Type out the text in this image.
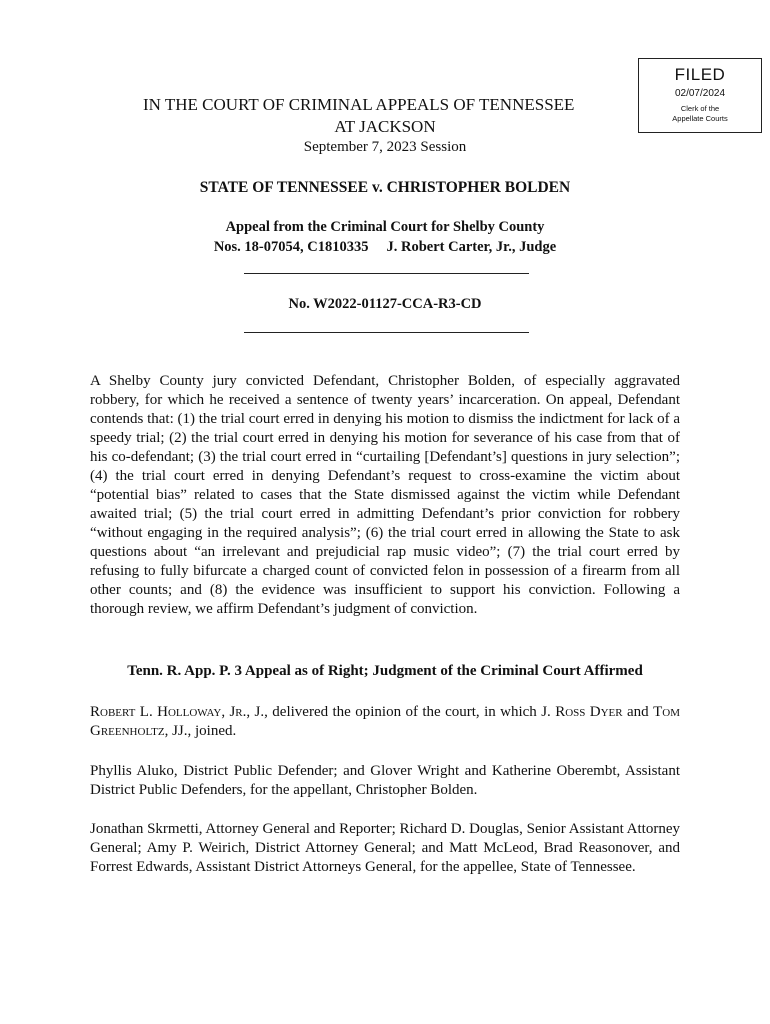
FILED
02/07/2024
Clerk of the
Appellate Courts
IN THE COURT OF CRIMINAL APPEALS OF TENNESSEE
AT JACKSON
September 7, 2023 Session
STATE OF TENNESSEE v. CHRISTOPHER BOLDEN
Appeal from the Criminal Court for Shelby County
Nos. 18-07054, C1810335 J. Robert Carter, Jr., Judge
No. W2022-01127-CCA-R3-CD

A Shelby County jury convicted Defendant, Christopher Bolden, of especially aggravated robbery, for which he received a sentence of twenty years’ incarceration. On appeal, Defendant contends that: (1) the trial court erred in denying his motion to dismiss the indictment for lack of a speedy trial; (2) the trial court erred in denying his motion for severance of his case from that of his co-defendant; (3) the trial court erred in “curtailing [Defendant’s] questions in jury selection”; (4) the trial court erred in denying Defendant’s request to cross-examine the victim about “potential bias” related to cases that the State dismissed against the victim while Defendant awaited trial; (5) the trial court erred in admitting Defendant’s prior conviction for robbery “without engaging in the required analysis”; (6) the trial court erred in allowing the State to ask questions about “an irrelevant and prejudicial rap music video”; (7) the trial court erred by refusing to fully bifurcate a charged count of convicted felon in possession of a firearm from all other counts; and (8) the evidence was insufficient to support his conviction. Following a thorough review, we affirm Defendant’s judgment of conviction.

Tenn. R. App. P. 3 Appeal as of Right; Judgment of the Criminal Court Affirmed

Robert L. Holloway, Jr., J., delivered the opinion of the court, in which J. Ross Dyer and Tom Greenholtz, JJ., joined.

Phyllis Aluko, District Public Defender; and Glover Wright and Katherine Oberembt, Assistant District Public Defenders, for the appellant, Christopher Bolden.

Jonathan Skrmetti, Attorney General and Reporter; Richard D. Douglas, Senior Assistant Attorney General; Amy P. Weirich, District Attorney General; and Matt McLeod, Brad Reasonover, and Forrest Edwards, Assistant District Attorneys General, for the appellee, State of Tennessee.
